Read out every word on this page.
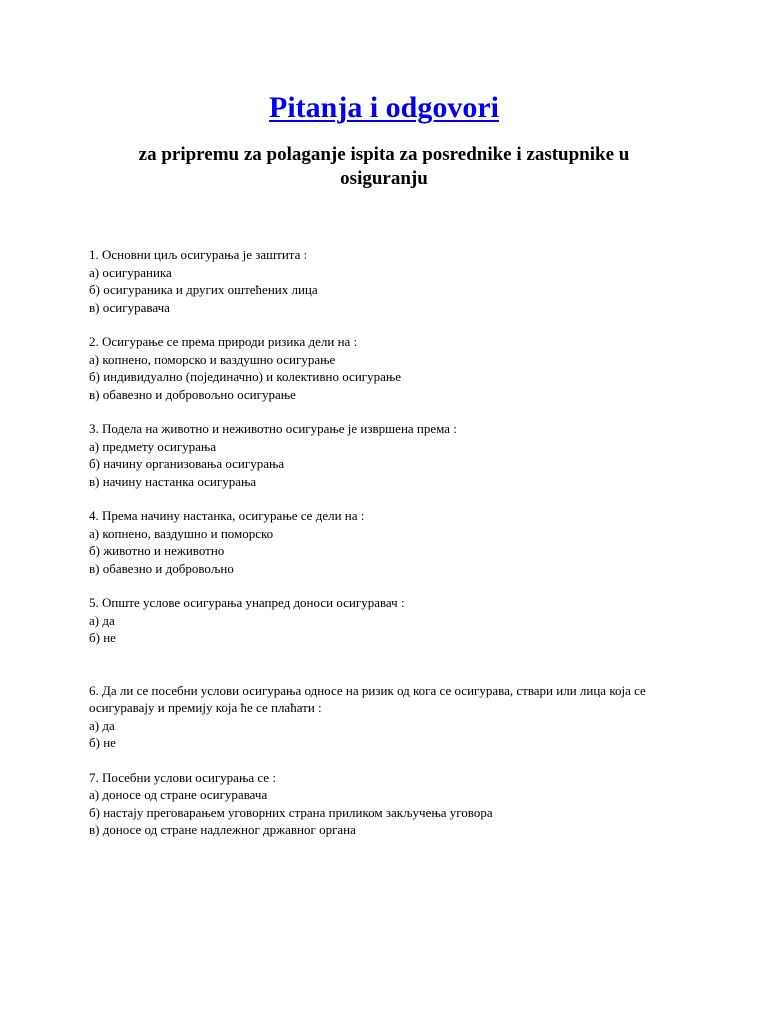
Pitanja i odgovori
za pripremu za polaganje ispita za posrednike i zastupnike u osiguranju

1. Основни циљ осигурања је заштита :

а) осигураника

б) осигураника и других оштећених лица

в) осигуравача

2. Осигурање се према природи ризика дели на :

а) копнено, поморско и ваздушно осигурање

б) индивидуално (појединачно) и колективно осигурање

в) обавезно и добровољно осигурање

3. Подела на животно и неживотно осигурање је извршена према :

а) предмету осигурања

б) начину организовања осигурања

в) начину настанка осигурања

4. Према начину настанка, осигурање се дели на :

а) копнено, ваздушно и поморско

б) животно и неживотно

в) обавезно и добровољно

5. Опште услове осигурања унапред доноси осигуравач :

а) да

б) не

6. Да ли се посебни услови осигурања односе на ризик од кога се осигурава, ствари или лица која се осигуравају и премију која ће се плаћати :

а) да

б) не

7. Посебни услови осигурања се :

а) доносе од стране осигуравача

б) настају преговарањем уговорних страна приликом закључења уговора

в) доносе од стране надлежног државног органа
